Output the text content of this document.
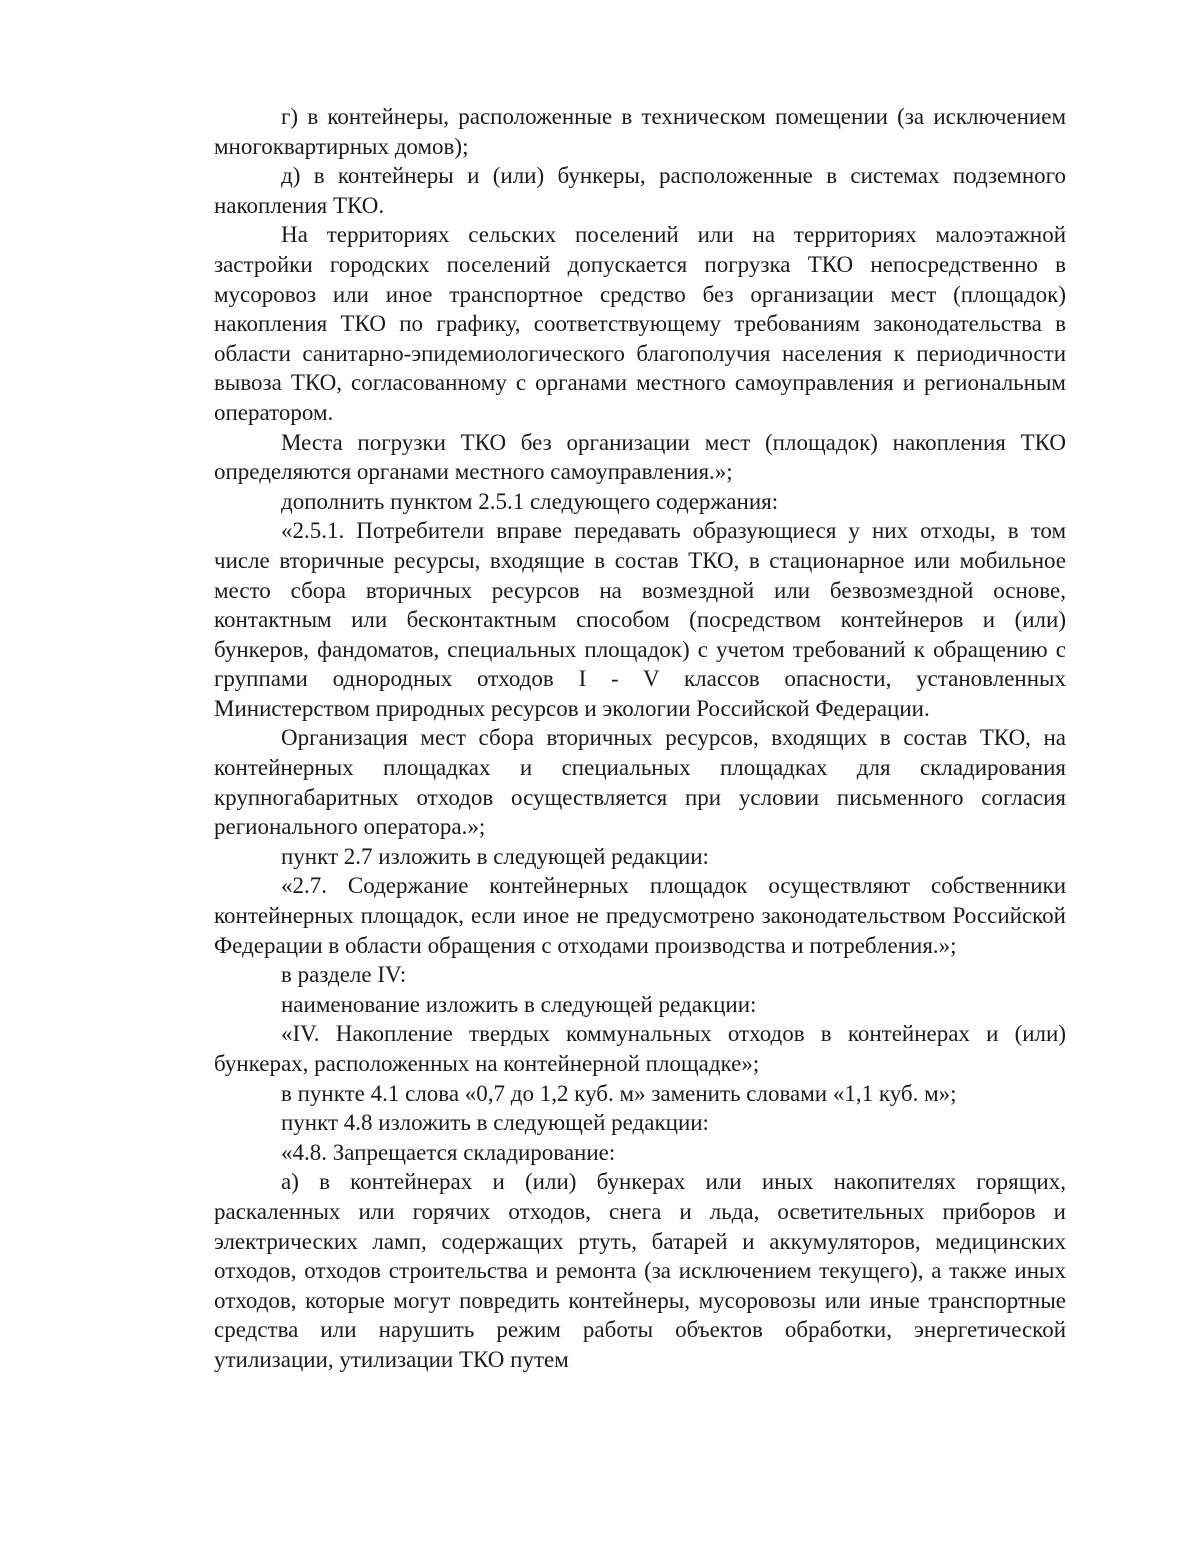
г) в контейнеры, расположенные в техническом помещении (за исключением многоквартирных домов);

д) в контейнеры и (или) бункеры, расположенные в системах подземного накопления ТКО.

На территориях сельских поселений или на территориях малоэтажной застройки городских поселений допускается погрузка ТКО непосредственно в мусоровоз или иное транспортное средство без организации мест (площадок) накопления ТКО по графику, соответствующему требованиям законодательства в области санитарно-эпидемиологического благополучия населения к периодичности вывоза ТКО, согласованному с органами местного самоуправления и региональным оператором.

Места погрузки ТКО без организации мест (площадок) накопления ТКО определяются органами местного самоуправления.»;

дополнить пунктом 2.5.1 следующего содержания:

«2.5.1. Потребители вправе передавать образующиеся у них отходы, в том числе вторичные ресурсы, входящие в состав ТКО, в стационарное или мобильное место сбора вторичных ресурсов на возмездной или безвозмездной основе, контактным или бесконтактным способом (посредством контейнеров и (или) бункеров, фандоматов, специальных площадок) с учетом требований к обращению с группами однородных отходов I - V классов опасности, установленных Министерством природных ресурсов и экологии Российской Федерации.

Организация мест сбора вторичных ресурсов, входящих в состав ТКО, на контейнерных площадках и специальных площадках для складирования крупногабаритных отходов осуществляется при условии письменного согласия регионального оператора.»;

пункт 2.7 изложить в следующей редакции:

«2.7. Содержание контейнерных площадок осуществляют собственники контейнерных площадок, если иное не предусмотрено законодательством Российской Федерации в области обращения с отходами производства и потребления.»;

в разделе IV:

наименование изложить в следующей редакции:

«IV. Накопление твердых коммунальных отходов в контейнерах и (или) бункерах, расположенных на контейнерной площадке»;

в пункте 4.1 слова «0,7 до 1,2 куб. м» заменить словами «1,1 куб. м»;

пункт 4.8 изложить в следующей редакции:

«4.8. Запрещается складирование:

а) в контейнерах и (или) бункерах или иных накопителях горящих, раскаленных или горячих отходов, снега и льда, осветительных приборов и электрических ламп, содержащих ртуть, батарей и аккумуляторов, медицинских отходов, отходов строительства и ремонта (за исключением текущего), а также иных отходов, которые могут повредить контейнеры, мусоровозы или иные транспортные средства или нарушить режим работы объектов обработки, энергетической утилизации, утилизации ТКО путем
